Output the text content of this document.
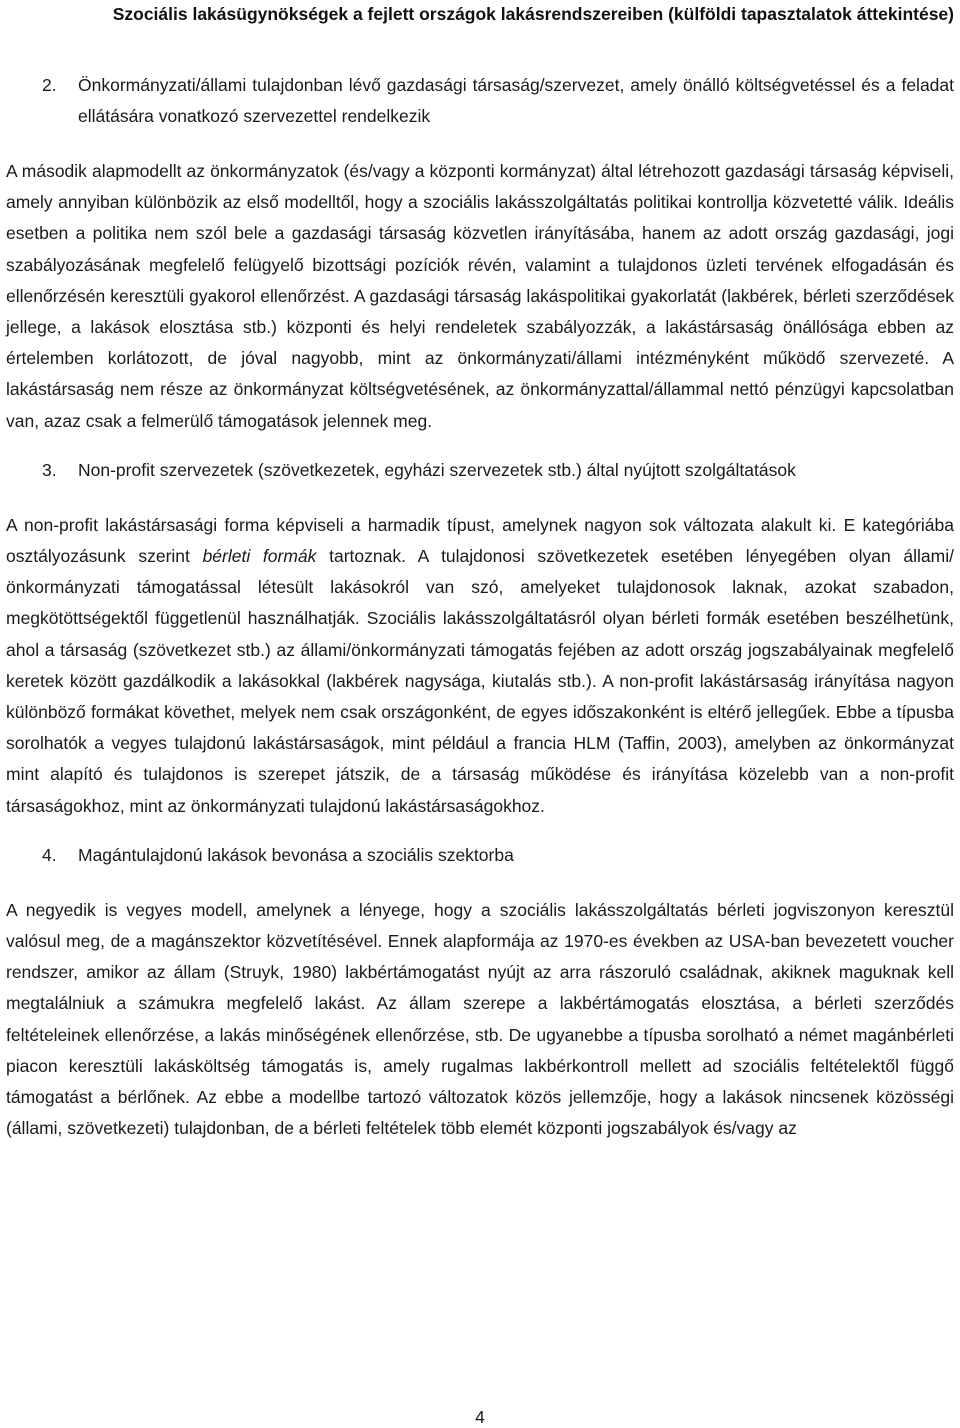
Szociális lakásügynökségek a fejlett országok lakásrendszereiben (külföldi tapasztalatok áttekintése)
2.	Önkormányzati/állami tulajdonban lévő gazdasági társaság/szervezet, amely önálló költségvetéssel és a feladat ellátására vonatkozó szervezettel rendelkezik

A második alapmodellt az önkormányzatok (és/vagy a központi kormányzat) által létrehozott gazdasági társaság képviseli, amely annyiban különbözik az első modelltől, hogy a szociális lakásszolgáltatás politikai kontrollja közvetetté válik. Ideális esetben a politika nem szól bele a gazdasági társaság közvetlen irányításába, hanem az adott ország gazdasági, jogi szabályozásának megfelelő felügyelő bizottsági pozíciók révén, valamint a tulajdonos üzleti tervének elfogadásán és ellenőrzésén keresztüli gyakorol ellenőrzést. A gazdasági társaság lakáspolitikai gyakorlatát (lakbérek, bérleti szerződések jellege, a lakások elosztása stb.) központi és helyi rendeletek szabályozzák, a lakástársaság önállósága ebben az értelemben korlátozott, de jóval nagyobb, mint az önkormányzati/állami intézményként működő szervezeté. A lakástársaság nem része az önkormányzat költségvetésének, az önkormányzattal/állammal nettó pénzügyi kapcsolatban van, azaz csak a felmerülő támogatások jelennek meg.

3.	Non-profit szervezetek (szövetkezetek, egyházi szervezetek stb.) által nyújtott szolgáltatások

A non-profit lakástársasági forma képviseli a harmadik típust, amelynek nagyon sok változata alakult ki. E kategóriába osztályozásunk szerint bérleti formák tartoznak. A tulajdonosi szövetkezetek esetében lényegében olyan állami/önkormányzati támogatással létesült lakásokról van szó, amelyeket tulajdonosok laknak, azokat szabadon, megkötöttségektől függetlenül használhatják. Szociális lakásszolgáltatásról olyan bérleti formák esetében beszélhetünk, ahol a társaság (szövetkezet stb.) az állami/önkormányzati támogatás fejében az adott ország jogszabályainak megfelelő keretek között gazdálkodik a lakásokkal (lakbérek nagysága, kiutalás stb.). A non-profit lakástársaság irányítása nagyon különböző formákat követhet, melyek nem csak országonként, de egyes időszakonként is eltérő jellegűek. Ebbe a típusba sorolhatók a vegyes tulajdonú lakástársaságok, mint például a francia HLM (Taffin, 2003), amelyben az önkormányzat mint alapító és tulajdonos is szerepet játszik, de a társaság működése és irányítása közelebb van a non-profit társaságokhoz, mint az önkormányzati tulajdonú lakástársaságokhoz.

4.	Magántulajdonú lakások bevonása a szociális szektorba

A negyedik is vegyes modell, amelynek a lényege, hogy a szociális lakásszolgáltatás bérleti jogviszonyon keresztül valósul meg, de a magánszektor közvetítésével. Ennek alapformája az 1970-es években az USA-ban bevezetett voucher rendszer, amikor az állam (Struyk, 1980) lakbértámogatást nyújt az arra rászoruló családnak, akiknek maguknak kell megtalálniuk a számukra megfelelő lakást. Az állam szerepe a lakbértámogatás elosztása, a bérleti szerződés feltételeinek ellenőrzése, a lakás minőségének ellenőrzése, stb. De ugyanebbe a típusba sorolható a német magánbérleti piacon keresztüli lakásköltség támogatás is, amely rugalmas lakbérkontroll mellett ad szociális feltételektől függő támogatást a bérlőnek. Az ebbe a modellbe tartozó változatok közös jellemzője, hogy a lakások nincsenek közösségi (állami, szövetkezeti) tulajdonban, de a bérleti feltételek több elemét központi jogszabályok és/vagy az

4
